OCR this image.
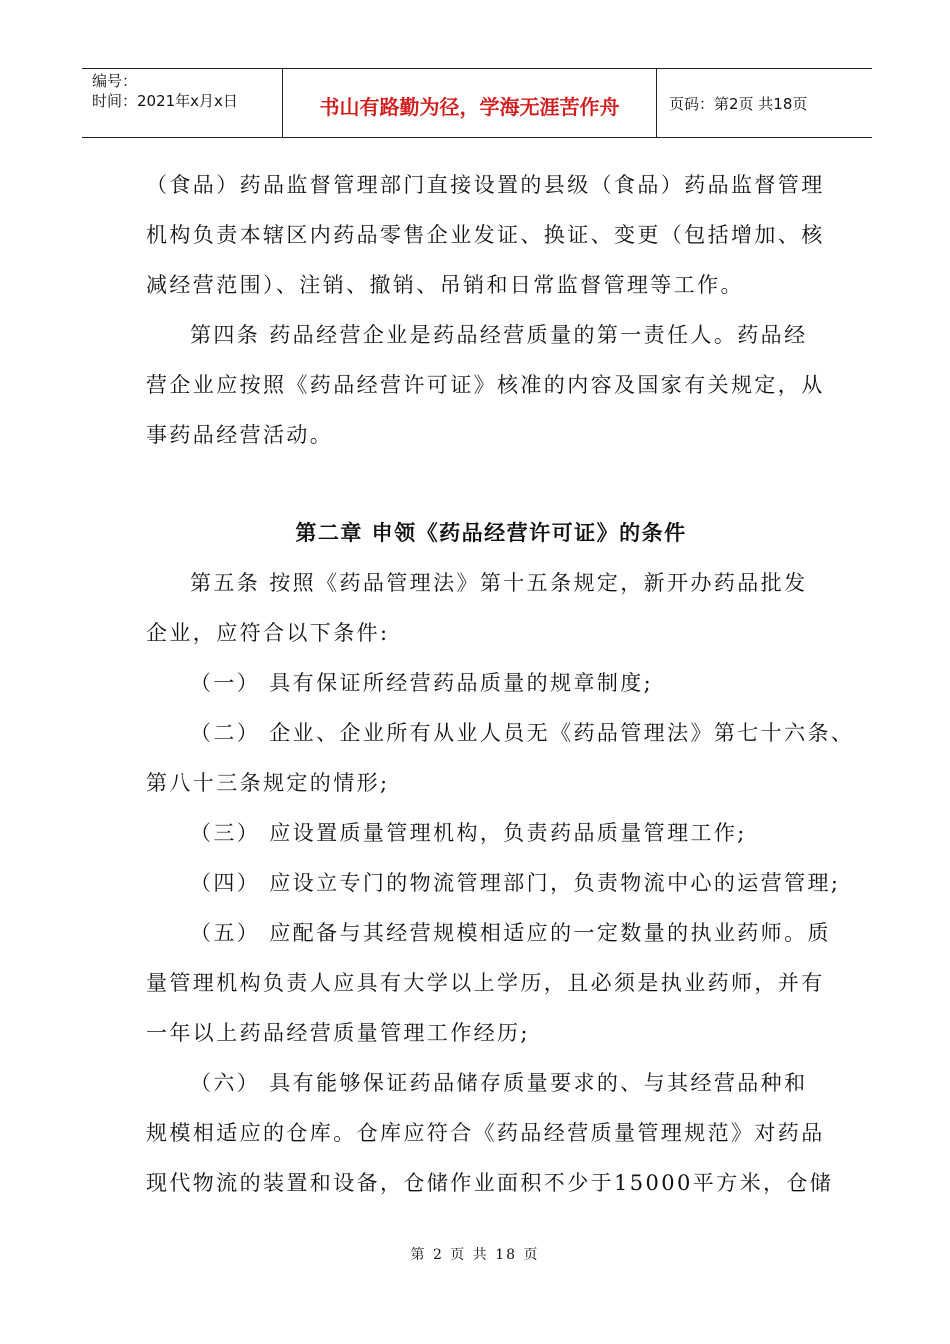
编号：
时间：2021年x月x日	书山有路勤为径，学海无涯苦作舟	页码：第2页 共18页
（食品）药品监督管理部门直接设置的县级（食品）药品监督管理
机构负责本辖区内药品零售企业发证、换证、变更（包括增加、核
减经营范围）、注销、撤销、吊销和日常监督管理等工作。
第四条 药品经营企业是药品经营质量的第一责任人。药品经
营企业应按照《药品经营许可证》核准的内容及国家有关规定，从
事药品经营活动。
第二章 申领《药品经营许可证》的条件
第五条 按照《药品管理法》第十五条规定，新开办药品批发
企业，应符合以下条件:
（一） 具有保证所经营药品质量的规章制度;
（二） 企业、企业所有从业人员无《药品管理法》第七十六条、
第八十三条规定的情形;
（三） 应设置质量管理机构，负责药品质量管理工作;
（四） 应设立专门的物流管理部门，负责物流中心的运营管理;
（五） 应配备与其经营规模相适应的一定数量的执业药师。质
量管理机构负责人应具有大学以上学历，且必须是执业药师，并有
一年以上药品经营质量管理工作经历;
（六） 具有能够保证药品储存质量要求的、与其经营品种和
规模相适应的仓库。仓库应符合《药品经营质量管理规范》对药品
现代物流的装置和设备，仓储作业面积不少于15000平方米，仓储
第 2 页 共 18 页
